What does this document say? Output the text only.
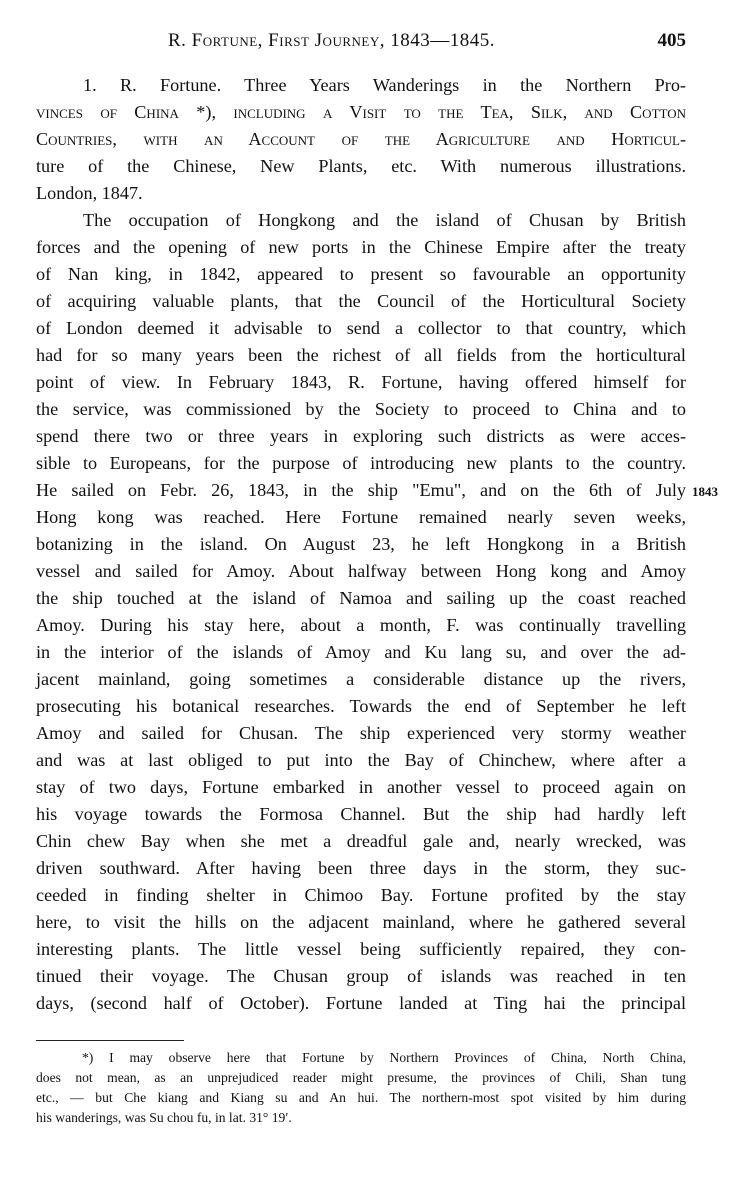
R. Fortune, First Journey, 1843—1845.	405
1. R. Fortune. Three Years Wanderings in the Northern Pro-
vinces of China *), including a Visit to the Tea, Silk, and Cotton
Countries, with an Account of the Agriculture and Horticul-
ture of the Chinese, New Plants, etc. With numerous illustrations.
London, 1847.
The occupation of Hongkong and the island of Chusan by British
forces and the opening of new ports in the Chinese Empire after the treaty
of Nan king, in 1842, appeared to present so favourable an opportunity
of acquiring valuable plants, that the Council of the Horticultural Society
of London deemed it advisable to send a collector to that country, which
had for so many years been the richest of all fields from the horticultural
point of view. In February 1843, R. Fortune, having offered himself for
the service, was commissioned by the Society to proceed to China and to
spend there two or three years in exploring such districts as were acces-
sible to Europeans, for the purpose of introducing new plants to the country.
He sailed on Febr. 26, 1843, in the ship "Emu", and on the 6th of July
Hong kong was reached. Here Fortune remained nearly seven weeks,
botanizing in the island. On August 23, he left Hongkong in a British
vessel and sailed for Amoy. About halfway between Hong kong and Amoy
the ship touched at the island of Namoa and sailing up the coast reached
Amoy. During his stay here, about a month, F. was continually travelling
in the interior of the islands of Amoy and Ku lang su, and over the ad-
jacent mainland, going sometimes a considerable distance up the rivers,
prosecuting his botanical researches. Towards the end of September he left
Amoy and sailed for Chusan. The ship experienced very stormy weather
and was at last obliged to put into the Bay of Chinchew, where after a
stay of two days, Fortune embarked in another vessel to proceed again on
his voyage towards the Formosa Channel. But the ship had hardly left
Chin chew Bay when she met a dreadful gale and, nearly wrecked, was
driven southward. After having been three days in the storm, they suc-
ceeded in finding shelter in Chimoo Bay. Fortune profited by the stay
here, to visit the hills on the adjacent mainland, where he gathered several
interesting plants. The little vessel being sufficiently repaired, they con-
tinued their voyage. The Chusan group of islands was reached in ten
days, (second half of October). Fortune landed at Ting hai the principal
1843
*) I may observe here that Fortune by Northern Provinces of China, North China,
does not mean, as an unprejudiced reader might presume, the provinces of Chili, Shan tung
etc., — but Che kiang and Kiang su and An hui. The northern-most spot visited by him during
his wanderings, was Su chou fu, in lat. 31° 19′.
